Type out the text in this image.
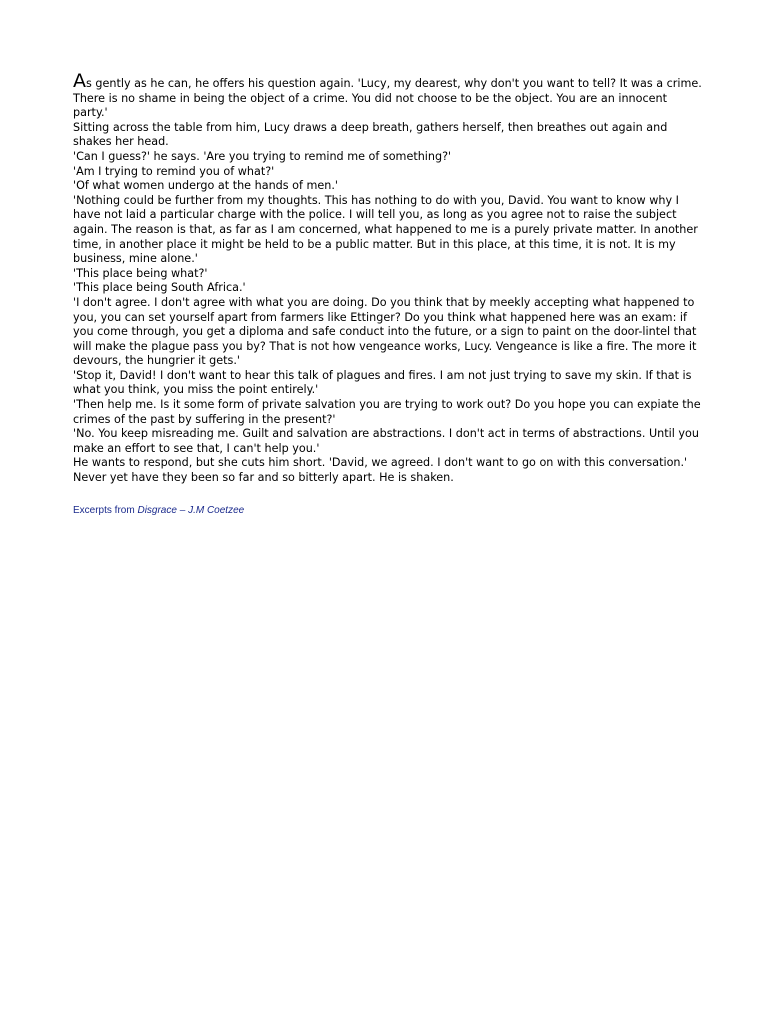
As gently as he can, he offers his question again. 'Lucy, my dearest, why don't you want to tell? It was a crime. There is no shame in being the object of a crime. You did not choose to be the object. You are an innocent party.'

Sitting across the table from him, Lucy draws a deep breath, gathers herself, then breathes out again and shakes her head.

'Can I guess?' he says. 'Are you trying to remind me of something?'

'Am I trying to remind you of what?'

'Of what women undergo at the hands of men.'

'Nothing could be further from my thoughts. This has nothing to do with you, David. You want to know why I have not laid a particular charge with the police. I will tell you, as long as you agree not to raise the subject again. The reason is that, as far as I am concerned, what happened to me is a purely private matter. In another time, in another place it might be held to be a public matter. But in this place, at this time, it is not. It is my business, mine alone.'

'This place being what?'

'This place being South Africa.'

'I don't agree. I don't agree with what you are doing. Do you think that by meekly accepting what happened to you, you can set yourself apart from farmers like Ettinger? Do you think what happened here was an exam: if you come through, you get a diploma and safe conduct into the future, or a sign to paint on the door-lintel that will make the plague pass you by? That is not how vengeance works, Lucy. Vengeance is like a fire. The more it devours, the hungrier it gets.'

'Stop it, David! I don't want to hear this talk of plagues and fires. I am not just trying to save my skin. If that is what you think, you miss the point entirely.'

'Then help me. Is it some form of private salvation you are trying to work out? Do you hope you can expiate the crimes of the past by suffering in the present?'

'No. You keep misreading me. Guilt and salvation are abstractions. I don't act in terms of abstractions. Until you make an effort to see that, I can't help you.'

He wants to respond, but she cuts him short. 'David, we agreed. I don't want to go on with this conversation.'

Never yet have they been so far and so bitterly apart. He is shaken.

Excerpts from Disgrace – J.M Coetzee
